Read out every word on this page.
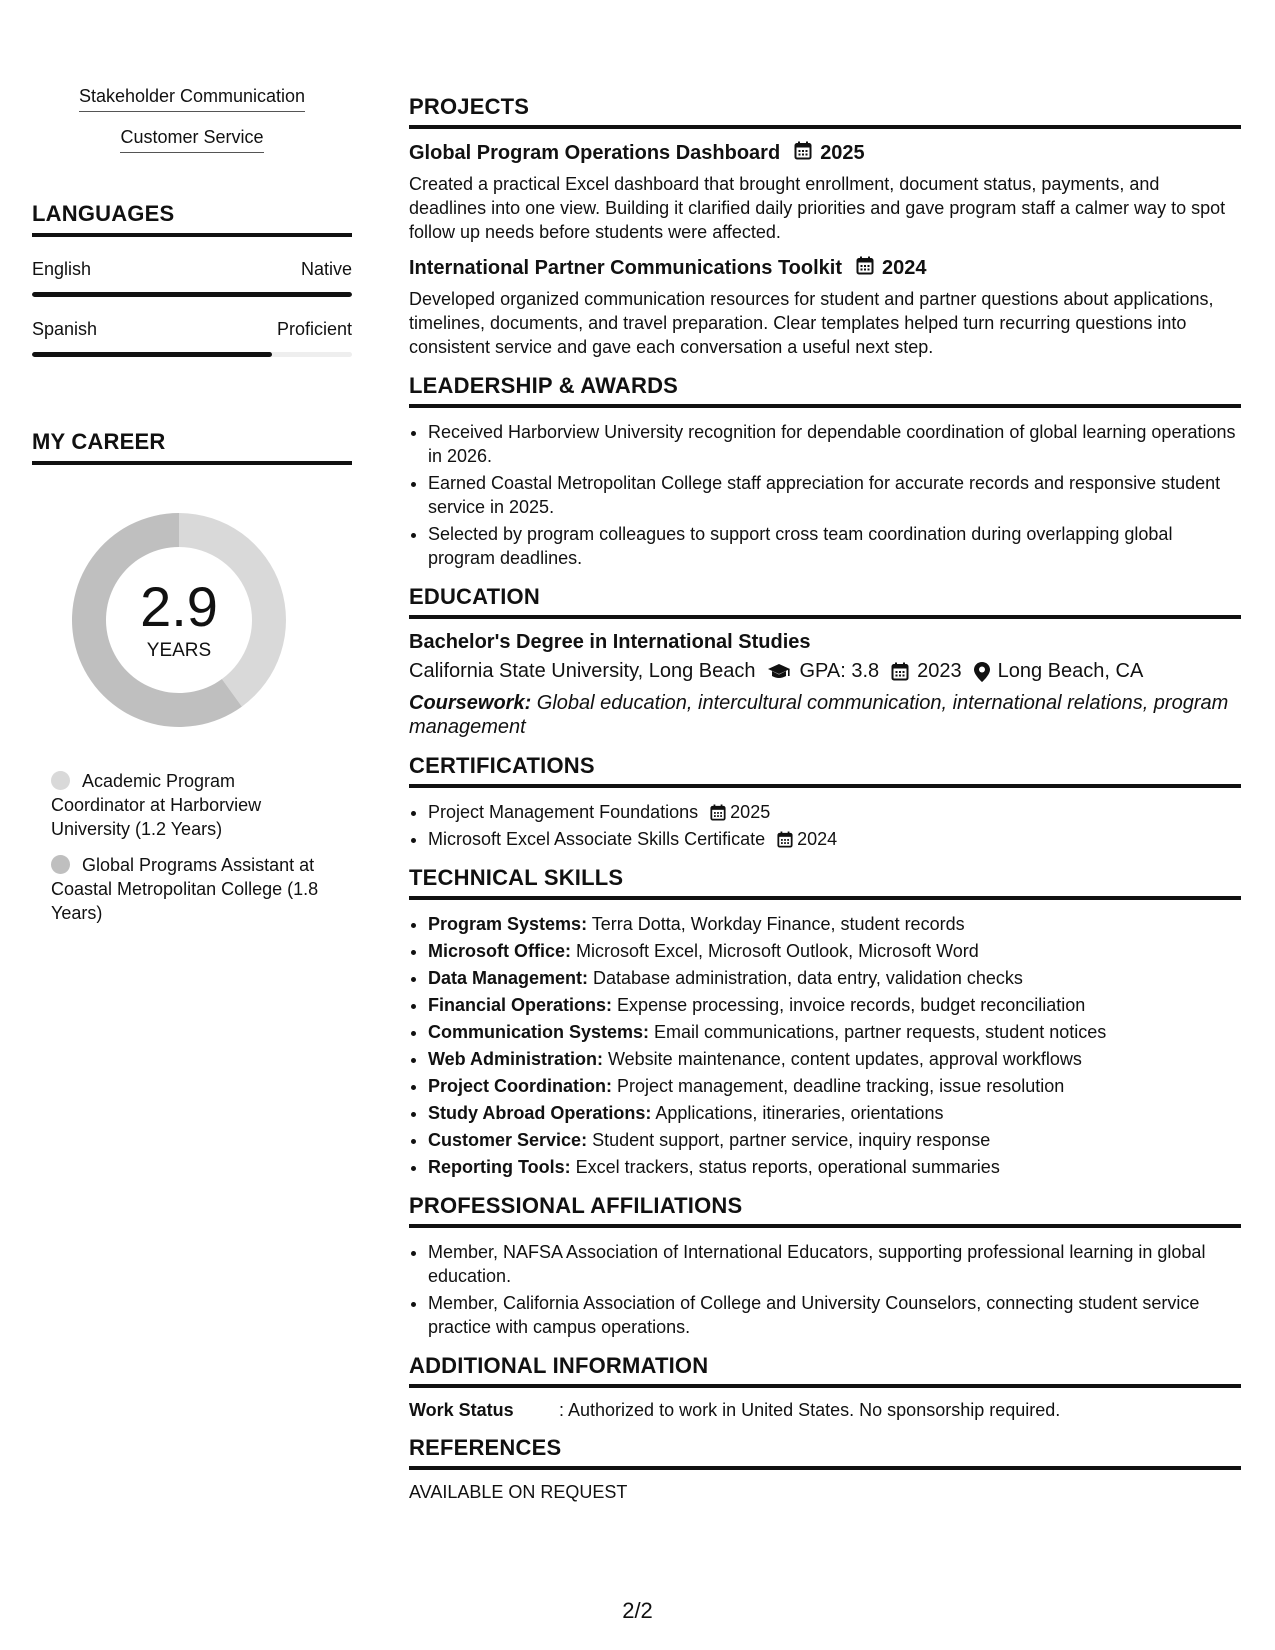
Stakeholder Communication
Customer Service
LANGUAGES
English	Native
Spanish	Proficient
MY CAREER
2.9
YEARS
Academic Program Coordinator at Harborview University (1.2 Years)
Global Programs Assistant at Coastal Metropolitan College (1.8 Years)
PROJECTS
Global Program Operations Dashboard 2025
Created a practical Excel dashboard that brought enrollment, document status, payments, and deadlines into one view. Building it clarified daily priorities and gave program staff a calmer way to spot follow up needs before students were affected.
International Partner Communications Toolkit 2024
Developed organized communication resources for student and partner questions about applications, timelines, documents, and travel preparation. Clear templates helped turn recurring questions into consistent service and gave each conversation a useful next step.
LEADERSHIP & AWARDS
• Received Harborview University recognition for dependable coordination of global learning operations in 2026.
• Earned Coastal Metropolitan College staff appreciation for accurate records and responsive student service in 2025.
• Selected by program colleagues to support cross team coordination during overlapping global program deadlines.
EDUCATION
Bachelor's Degree in International Studies
California State University, Long Beach GPA: 3.8 2023 Long Beach, CA
Coursework: Global education, intercultural communication, international relations, program management
CERTIFICATIONS
• Project Management Foundations 2025
• Microsoft Excel Associate Skills Certificate 2024
TECHNICAL SKILLS
• Program Systems: Terra Dotta, Workday Finance, student records
• Microsoft Office: Microsoft Excel, Microsoft Outlook, Microsoft Word
• Data Management: Database administration, data entry, validation checks
• Financial Operations: Expense processing, invoice records, budget reconciliation
• Communication Systems: Email communications, partner requests, student notices
• Web Administration: Website maintenance, content updates, approval workflows
• Project Coordination: Project management, deadline tracking, issue resolution
• Study Abroad Operations: Applications, itineraries, orientations
• Customer Service: Student support, partner service, inquiry response
• Reporting Tools: Excel trackers, status reports, operational summaries
PROFESSIONAL AFFILIATIONS
• Member, NAFSA Association of International Educators, supporting professional learning in global education.
• Member, California Association of College and University Counselors, connecting student service practice with campus operations.
ADDITIONAL INFORMATION
Work Status	: Authorized to work in United States. No sponsorship required.
REFERENCES
AVAILABLE ON REQUEST
2/2
